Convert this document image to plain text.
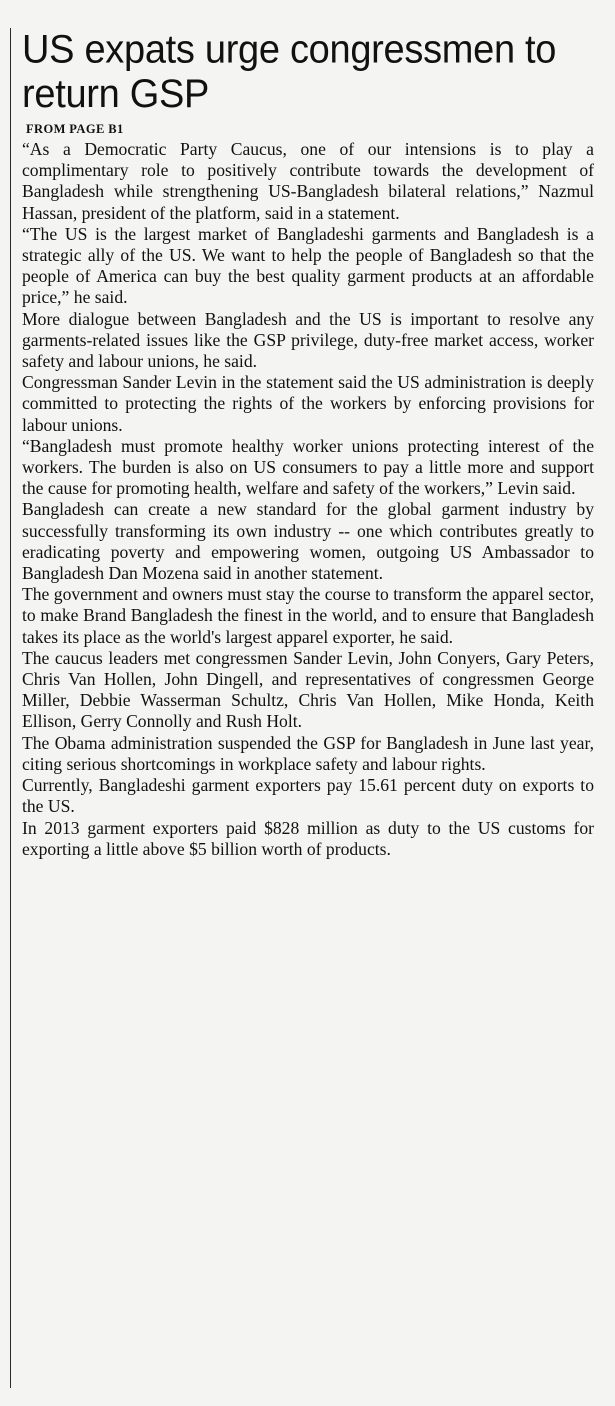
US expats urge congressmen to return GSP
FROM PAGE B1

“As a Democratic Party Caucus, one of our intensions is to play a complimentary role to positively contribute towards the development of Bangladesh while strengthening US-Bangladesh bilateral relations,” Nazmul Hassan, president of the platform, said in a statement.

“The US is the largest market of Bangladeshi garments and Bangladesh is a strategic ally of the US. We want to help the people of Bangladesh so that the people of America can buy the best quality garment products at an affordable price,” he said.

More dialogue between Bangladesh and the US is important to resolve any garments-related issues like the GSP privilege, duty-free market access, worker safety and labour unions, he said.

Congressman Sander Levin in the statement said the US administration is deeply committed to protecting the rights of the workers by enforcing provisions for labour unions.

“Bangladesh must promote healthy worker unions protecting interest of the workers. The burden is also on US consumers to pay a little more and support the cause for promoting health, welfare and safety of the workers,” Levin said.

Bangladesh can create a new standard for the global garment industry by successfully transforming its own industry -- one which contributes greatly to eradicating poverty and empowering women, outgoing US Ambassador to Bangladesh Dan Mozena said in another statement.

The government and owners must stay the course to transform the apparel sector, to make Brand Bangladesh the finest in the world, and to ensure that Bangladesh takes its place as the world's largest apparel exporter, he said.

The caucus leaders met congressmen Sander Levin, John Conyers, Gary Peters, Chris Van Hollen, John Dingell, and representatives of congressmen George Miller, Debbie Wasserman Schultz, Chris Van Hollen, Mike Honda, Keith Ellison, Gerry Connolly and Rush Holt.

The Obama administration suspended the GSP for Bangladesh in June last year, citing serious shortcomings in workplace safety and labour rights.

Currently, Bangladeshi garment exporters pay 15.61 percent duty on exports to the US.

In 2013 garment exporters paid $828 million as duty to the US customs for exporting a little above $5 billion worth of products.
